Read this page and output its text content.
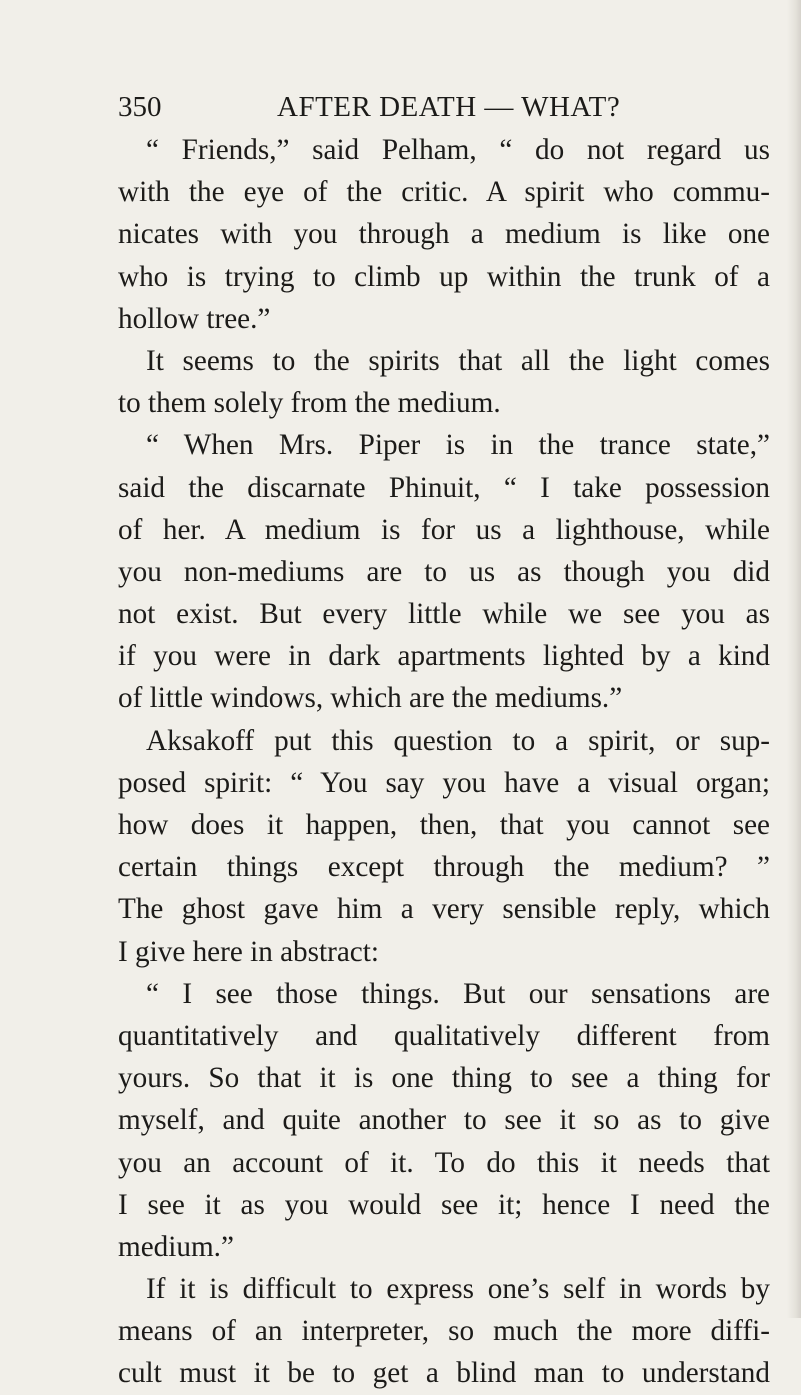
350	AFTER DEATH — WHAT?
“ Friends,” said Pelham, “ do not regard us
with the eye of the critic. A spirit who commu-
nicates with you through a medium is like one
who is trying to climb up within the trunk of a
hollow tree.”
It seems to the spirits that all the light comes
to them solely from the medium.
“ When Mrs. Piper is in the trance state,”
said the discarnate Phinuit, “ I take possession
of her. A medium is for us a lighthouse, while
you non-mediums are to us as though you did
not exist. But every little while we see you as
if you were in dark apartments lighted by a kind
of little windows, which are the mediums.”
Aksakoff put this question to a spirit, or sup-
posed spirit: “ You say you have a visual organ;
how does it happen, then, that you cannot see
certain things except through the medium? ”
The ghost gave him a very sensible reply, which
I give here in abstract:
“ I see those things. But our sensations are
quantitatively and qualitatively different from
yours. So that it is one thing to see a thing for
myself, and quite another to see it so as to give
you an account of it. To do this it needs that
I see it as you would see it; hence I need the
medium.”
If it is difficult to express one’s self in words by
means of an interpreter, so much the more diffi-
cult must it be to get a blind man to understand
